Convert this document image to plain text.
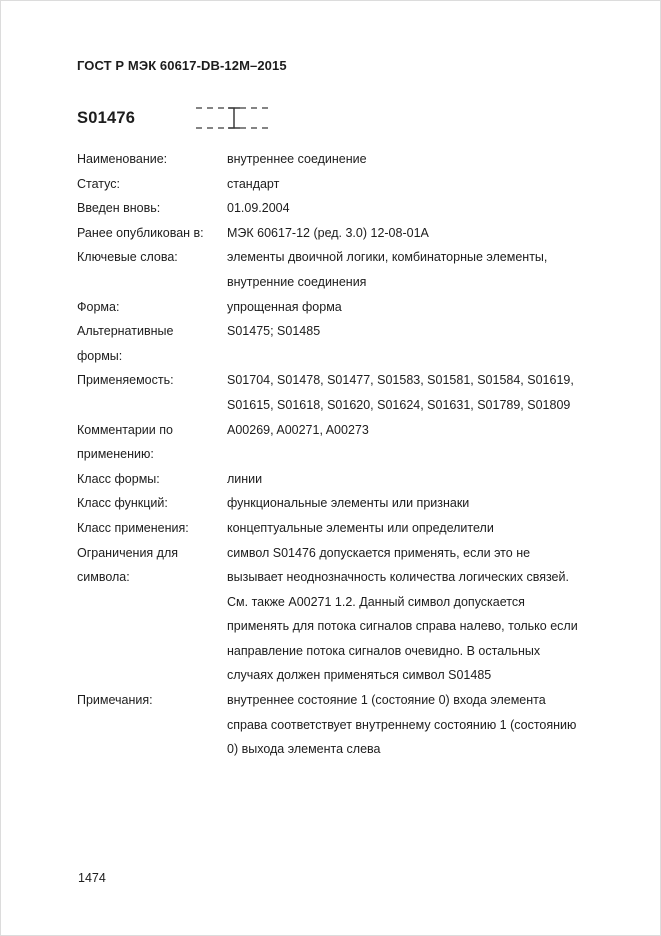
ГОСТ Р МЭК 60617-DB-12M–2015
S01476
Наименование:	внутреннее соединение
Статус:	стандарт
Введен вновь:	01.09.2004
Ранее опубликован в:	МЭК 60617-12 (ред. 3.0) 12-08-01A
Ключевые слова:	элементы двоичной логики, комбинаторные элементы, внутренние соединения
Форма:	упрощенная форма
Альтернативные формы:
S01475; S01485
Применяемость:	S01704, S01478, S01477, S01583, S01581, S01584, S01619, S01615, S01618, S01620, S01624, S01631, S01789, S01809
Комментарии по применению:
A00269, A00271, A00273
Класс формы:	линии
Класс функций:	функциональные элементы или признаки
Класс применения:	концептуальные элементы или определители
Ограничения для символа:
символ S01476 допускается применять, если это не вызывает неоднозначность количества логических связей. См. также A00271 1.2. Данный символ допускается применять для потока сигналов справа налево, только если направление потока сигналов очевидно. В остальных случаях должен применяться символ S01485
Примечания:	внутреннее состояние 1 (состояние 0) входа элемента справа соответствует внутреннему состоянию 1 (состоянию 0) выхода элемента слева
1474
